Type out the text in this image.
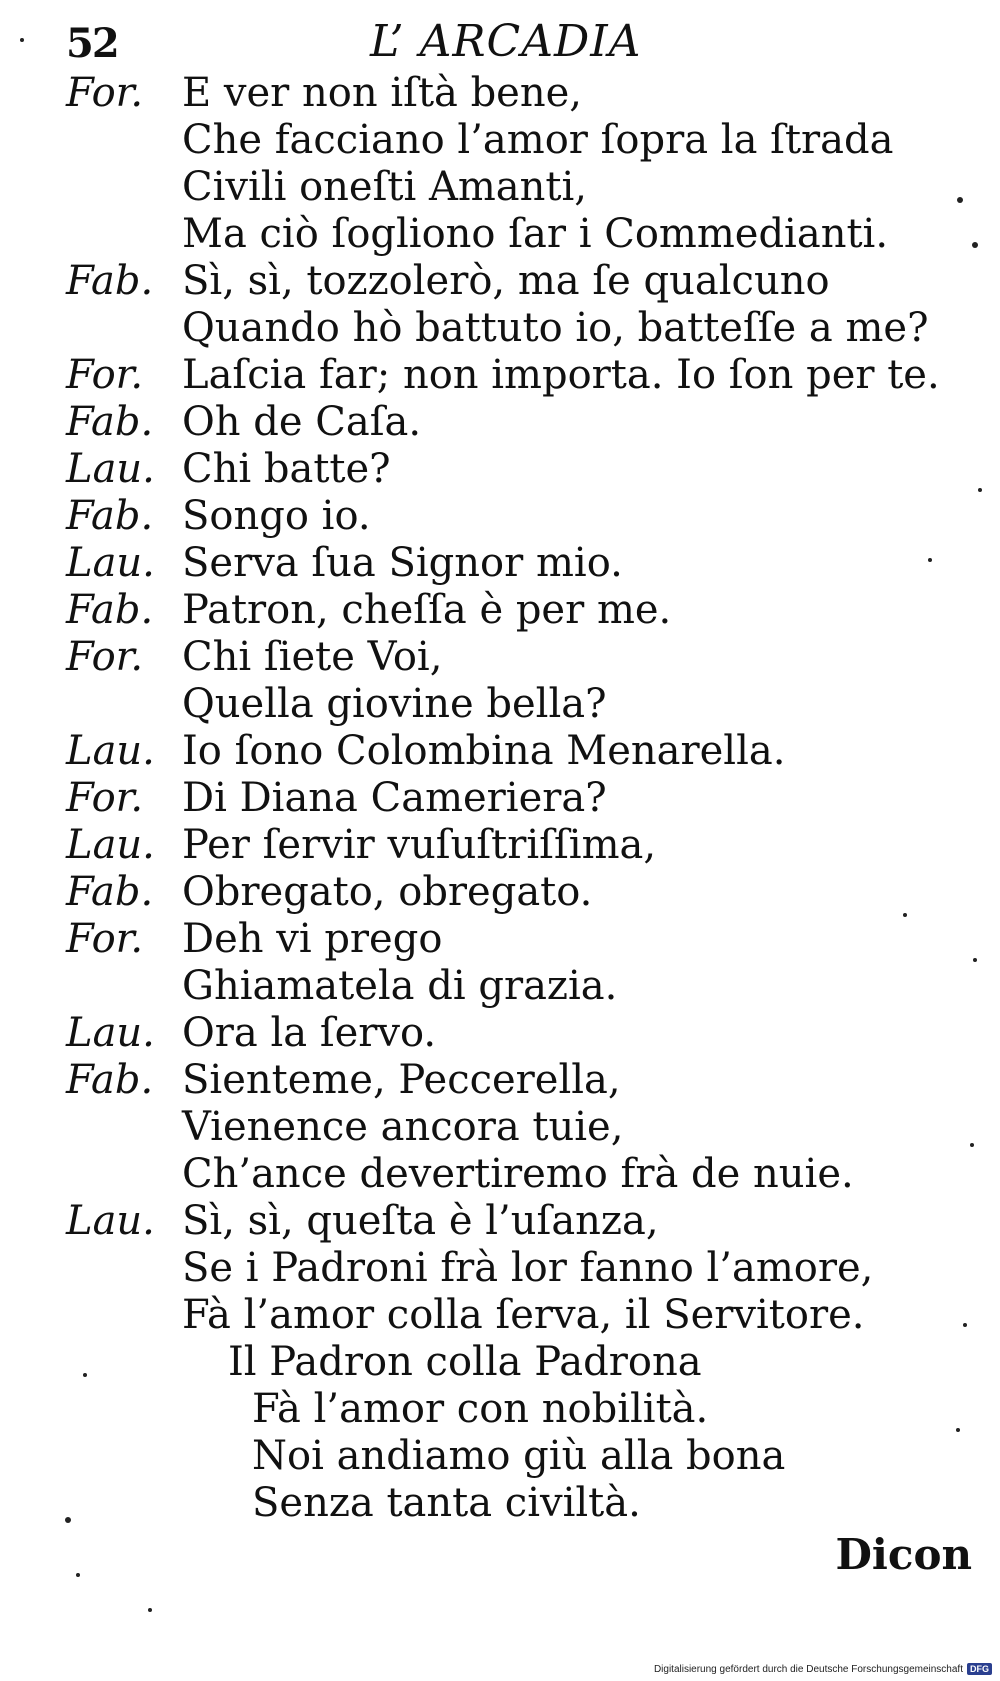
52	L’ ARCADIA
For. E ver non iſtà bene,
Che facciano l’amor ſopra la ſtrada
Civili oneſti Amanti,
Ma ciò ſogliono ſar i Commedianti.
Fab. Sì, sì, tozzolerò, ma ſe qualcuno
Quando hò battuto io, batteſſe a me?
For. Laſcia far; non importa. Io ſon per te.
Fab. Oh de Caſa.
Lau. Chi batte?
Fab. Songo io.
Lau. Serva ſua Signor mio.
Fab. Patron, cheſſa è per me.
For. Chi ſiete Voi,
Quella giovine bella?
Lau. Io ſono Colombina Menarella.
For. Di Diana Cameriera?
Lau. Per ſervir vuſuſtriſſima,
Fab. Obregato, obregato.
For. Deh vi prego
Ghiamatela di grazia.
Lau. Ora la ſervo.
Fab. Sienteme, Peccerella,
Vienence ancora tuie,
Ch’ance devertiremo frà de nuie.
Lau. Sì, sì, queſta è l’uſanza,
Se i Padroni frà lor fanno l’amore,
Fà l’amor colla ſerva, il Servitore.
Il Padron colla Padrona
Fà l’amor con nobilità.
Noi andiamo giù alla bona
Senza tanta civiltà.
Dicon
Digitalisierung gefördert durch die Deutsche Forschungsgemeinschaft DFG
